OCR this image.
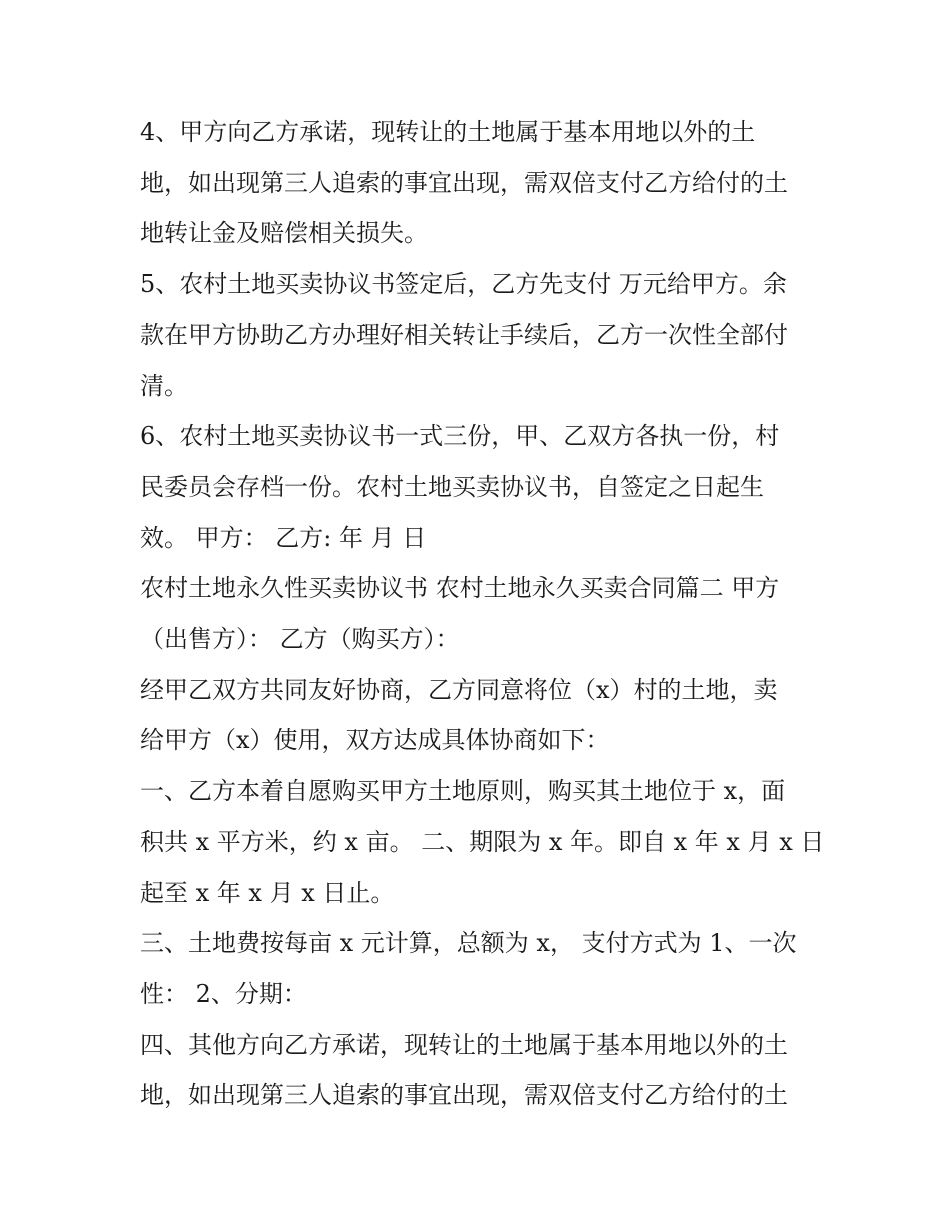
4、甲方向乙方承诺，现转让的土地属于基本用地以外的土
地，如出现第三人追索的事宜出现，需双倍支付乙方给付的土
地转让金及赔偿相关损失。

5、农村土地买卖协议书签定后，乙方先支付 万元给甲方。余
款在甲方协助乙方办理好相关转让手续后，乙方一次性全部付
清。

6、农村土地买卖协议书一式三份，甲、乙双方各执一份，村
民委员会存档一份。农村土地买卖协议书，自签定之日起生
效。 甲方： 乙方: 年 月 日

农村土地永久性买卖协议书 农村土地永久买卖合同篇二 甲方
（出售方）： 乙方（购买方）：

经甲乙双方共同友好协商，乙方同意将位（x）村的土地，卖
给甲方（x）使用，双方达成具体协商如下：

一、乙方本着自愿购买甲方土地原则，购买其土地位于 x，面
积共 x 平方米，约 x 亩。 二、期限为 x 年。即自 x 年 x 月 x 日
起至 x 年 x 月 x 日止。

三、土地费按每亩 x 元计算，总额为 x， 支付方式为 1、一次
性： 2、分期：

四、其他方向乙方承诺，现转让的土地属于基本用地以外的土
地，如出现第三人追索的事宜出现，需双倍支付乙方给付的土
